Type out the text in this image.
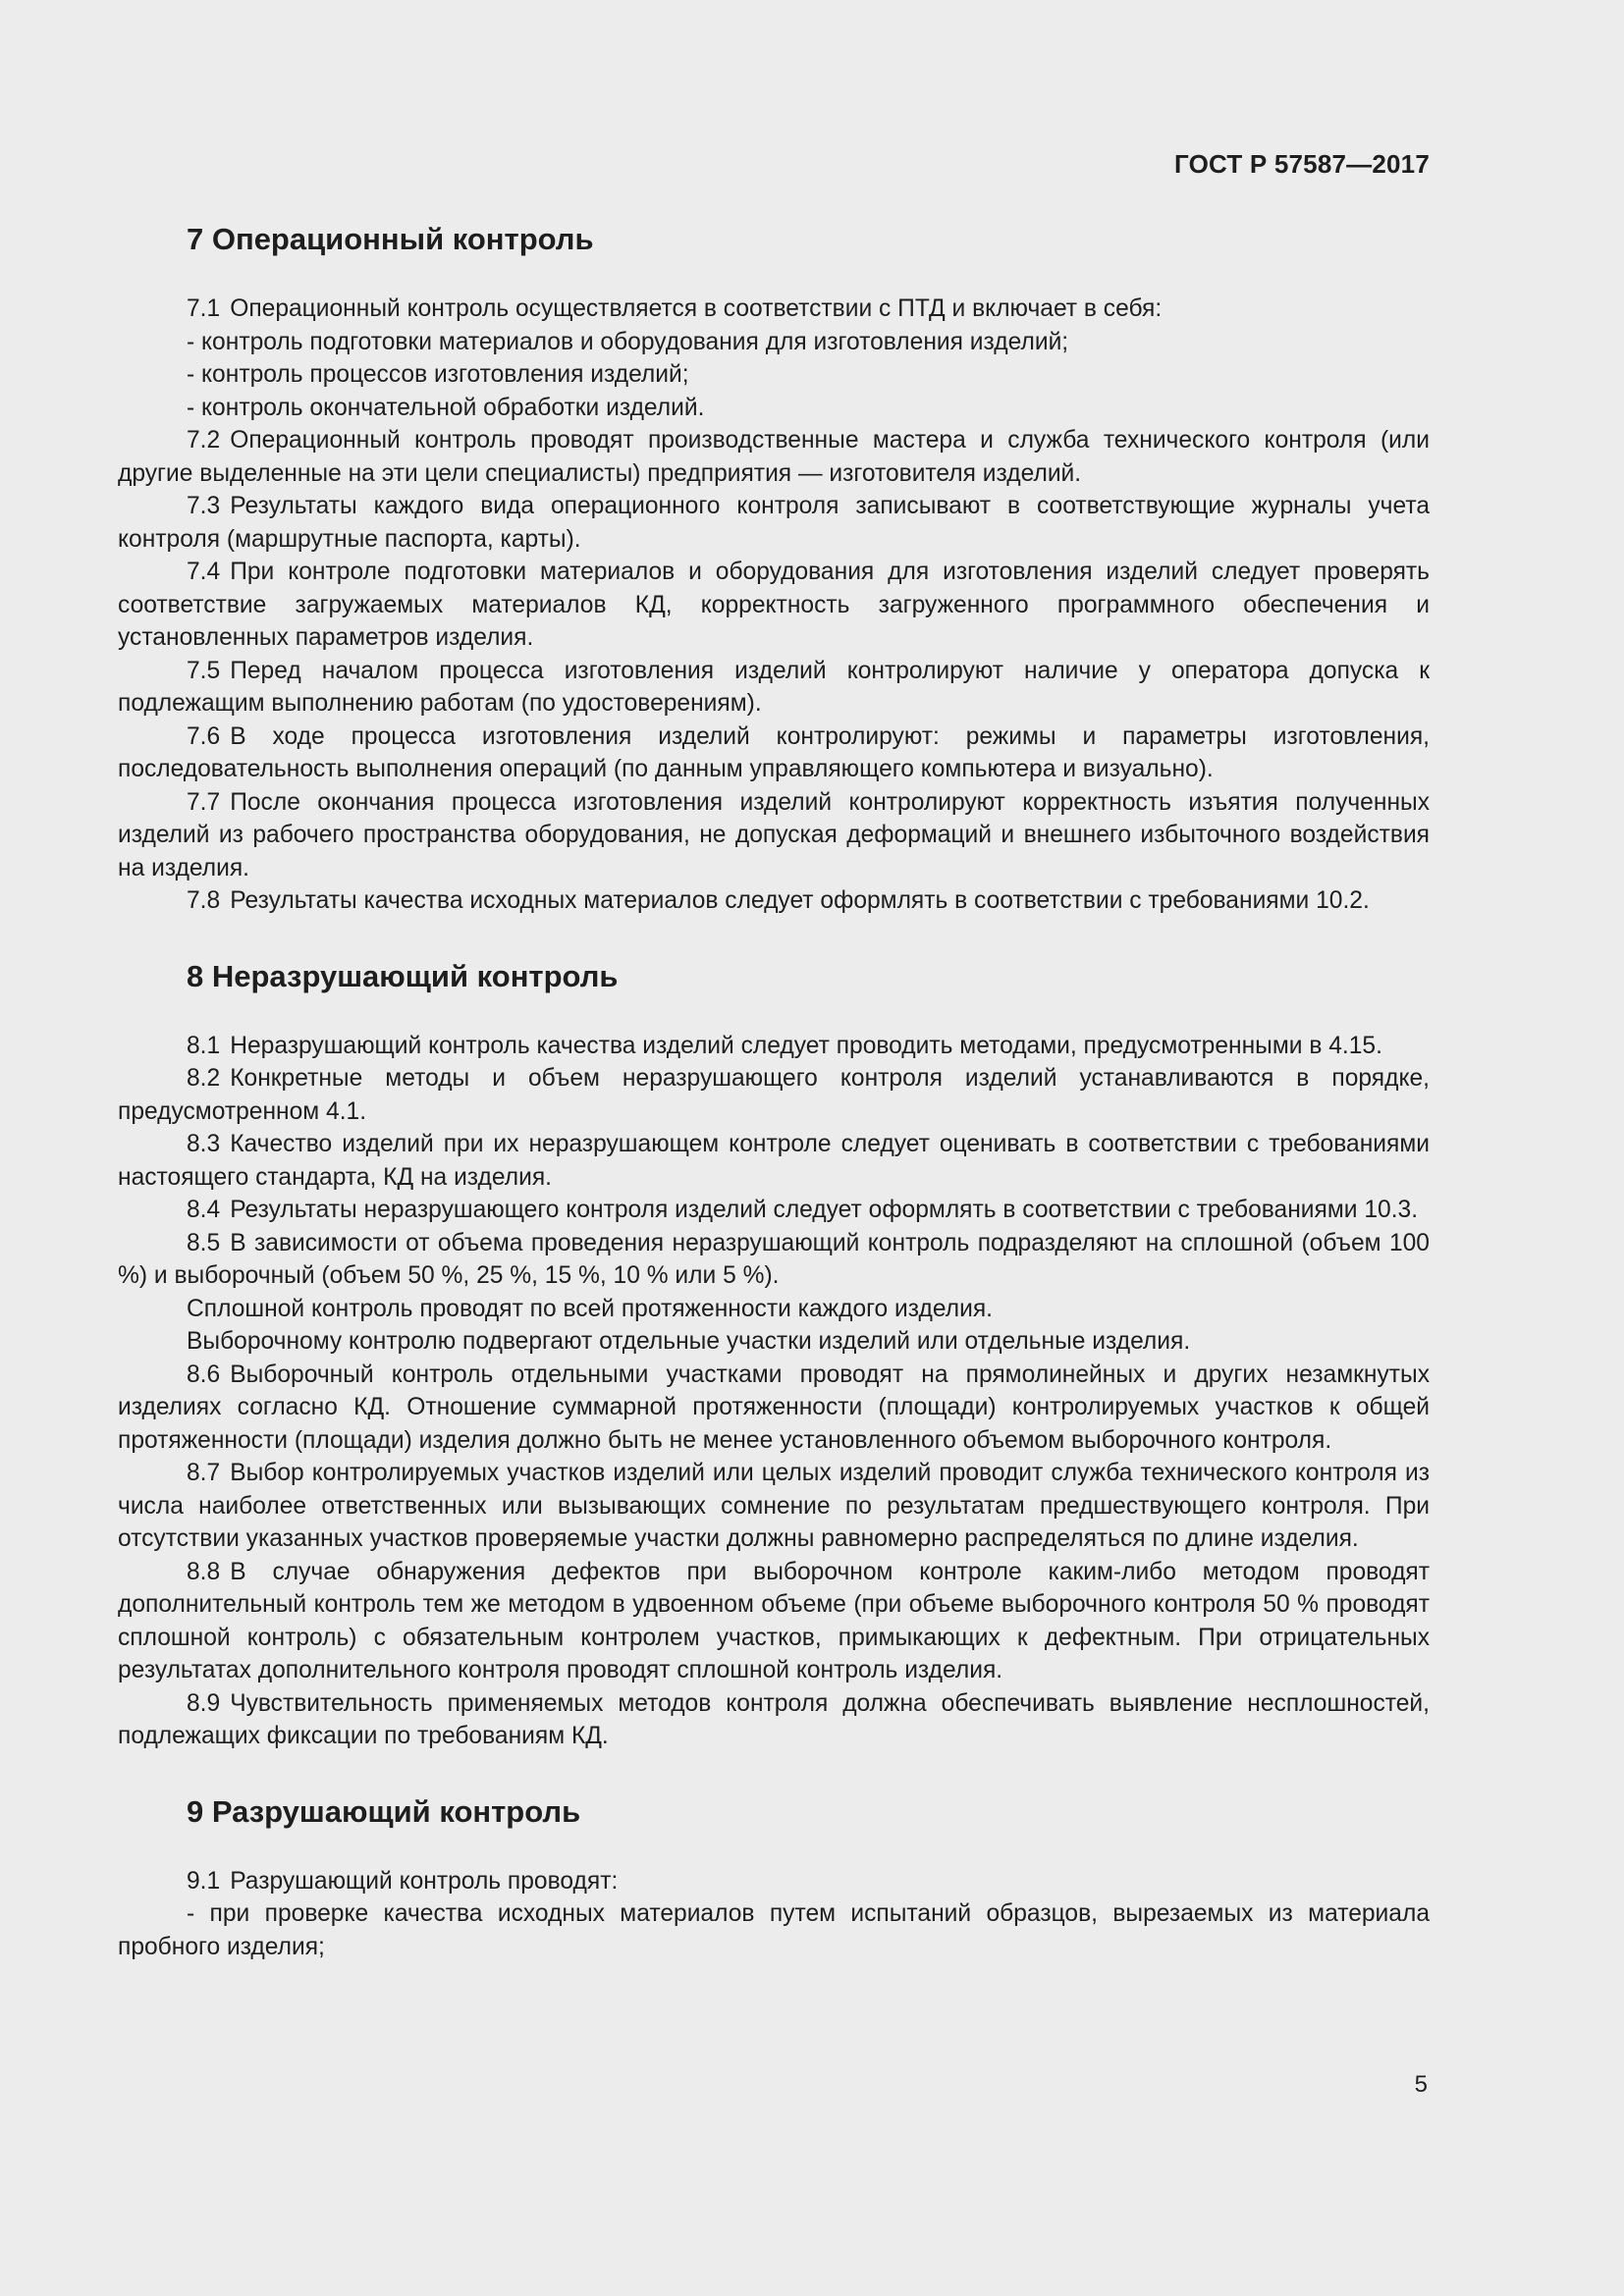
ГОСТ Р 57587—2017
7 Операционный контроль

7.1 Операционный контроль осуществляется в соответствии с ПТД и включает в себя:

- контроль подготовки материалов и оборудования для изготовления изделий;

- контроль процессов изготовления изделий;

- контроль окончательной обработки изделий.

7.2 Операционный контроль проводят производственные мастера и служба технического контроля (или другие выделенные на эти цели специалисты) предприятия — изготовителя изделий.

7.3 Результаты каждого вида операционного контроля записывают в соответствующие журналы учета контроля (маршрутные паспорта, карты).

7.4 При контроле подготовки материалов и оборудования для изготовления изделий следует проверять соответствие загружаемых материалов КД, корректность загруженного программного обеспечения и установленных параметров изделия.

7.5 Перед началом процесса изготовления изделий контролируют наличие у оператора допуска к подлежащим выполнению работам (по удостоверениям).

7.6 В ходе процесса изготовления изделий контролируют: режимы и параметры изготовления, последовательность выполнения операций (по данным управляющего компьютера и визуально).

7.7 После окончания процесса изготовления изделий контролируют корректность изъятия полученных изделий из рабочего пространства оборудования, не допуская деформаций и внешнего избыточного воздействия на изделия.

7.8 Результаты качества исходных материалов следует оформлять в соответствии с требованиями 10.2.

8 Неразрушающий контроль

8.1 Неразрушающий контроль качества изделий следует проводить методами, предусмотренными в 4.15.

8.2 Конкретные методы и объем неразрушающего контроля изделий устанавливаются в порядке, предусмотренном 4.1.

8.3 Качество изделий при их неразрушающем контроле следует оценивать в соответствии с требованиями настоящего стандарта, КД на изделия.

8.4 Результаты неразрушающего контроля изделий следует оформлять в соответствии с требованиями 10.3.

8.5 В зависимости от объема проведения неразрушающий контроль подразделяют на сплошной (объем 100 %) и выборочный (объем 50 %, 25 %, 15 %, 10 % или 5 %).

Сплошной контроль проводят по всей протяженности каждого изделия.

Выборочному контролю подвергают отдельные участки изделий или отдельные изделия.

8.6 Выборочный контроль отдельными участками проводят на прямолинейных и других незамкнутых изделиях согласно КД. Отношение суммарной протяженности (площади) контролируемых участков к общей протяженности (площади) изделия должно быть не менее установленного объемом выборочного контроля.

8.7 Выбор контролируемых участков изделий или целых изделий проводит служба технического контроля из числа наиболее ответственных или вызывающих сомнение по результатам предшествующего контроля. При отсутствии указанных участков проверяемые участки должны равномерно распределяться по длине изделия.

8.8 В случае обнаружения дефектов при выборочном контроле каким-либо методом проводят дополнительный контроль тем же методом в удвоенном объеме (при объеме выборочного контроля 50 % проводят сплошной контроль) с обязательным контролем участков, примыкающих к дефектным. При отрицательных результатах дополнительного контроля проводят сплошной контроль изделия.

8.9 Чувствительность применяемых методов контроля должна обеспечивать выявление несплошностей, подлежащих фиксации по требованиям КД.

9 Разрушающий контроль

9.1 Разрушающий контроль проводят:

- при проверке качества исходных материалов путем испытаний образцов, вырезаемых из материала пробного изделия;

5
